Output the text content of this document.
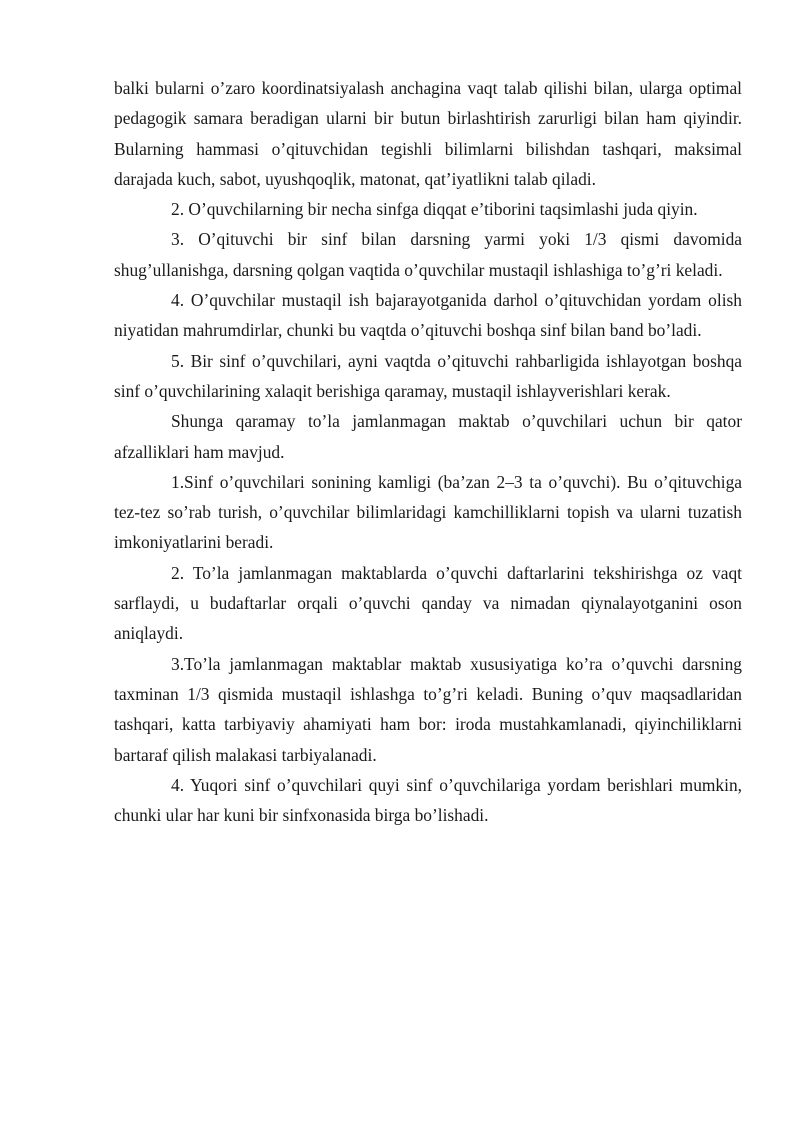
balki bularni o’zaro koordinatsiyalash anchagina vaqt talab qilishi bilan, ularga optimal pedagogik samara beradigan ularni bir butun birlashtirish zarurligi bilan ham qiyindir. Bularning hammasi o’qituvchidan tegishli bilimlarni bilishdan tashqari, maksimal darajada kuch, sabot, uyushqoqlik, matonat, qat’iyatlikni talab qiladi.

2. O’quvchilarning bir necha sinfga diqqat e’tiborini taqsimlashi juda qiyin.

3. O’qituvchi bir sinf bilan darsning yarmi yoki 1/3 qismi davomida shug’ullanishga, darsning qolgan vaqtida o’quvchilar mustaqil ishlashiga to’g’ri keladi.

4. O’quvchilar mustaqil ish bajarayotganida darhol o’qituvchidan yordam olish niyatidan mahrumdirlar, chunki bu vaqtda o’qituvchi boshqa sinf bilan band bo’ladi.

5. Bir sinf o’quvchilari, ayni vaqtda o’qituvchi rahbarligida ishlayotgan boshqa sinf o’quvchilarining xalaqit berishiga qaramay, mustaqil ishlayverishlari kerak.

Shunga qaramay to’la jamlanmagan maktab o’quvchilari uchun bir qator afzalliklari ham mavjud.

1.Sinf o’quvchilari sonining kamligi (ba’zan 2–3 ta o’quvchi). Bu o’qituvchiga tez-tez so’rab turish, o’quvchilar bilimlaridagi kamchilliklarni topish va ularni tuzatish imkoniyatlarini beradi.

2. To’la jamlanmagan maktablarda o’quvchi daftarlarini tekshirishga oz vaqt sarflaydi, u budaftarlar orqali o’quvchi qanday va nimadan qiynalayotganini oson aniqlaydi.

3.To’la jamlanmagan maktablar maktab xususiyatiga ko’ra o’quvchi darsning taxminan 1/3 qismida mustaqil ishlashga to’g’ri keladi. Buning o’quv maqsadlaridan tashqari, katta tarbiyaviy ahamiyati ham bor: iroda mustahkamlanadi, qiyinchiliklarni bartaraf qilish malakasi tarbiyalanadi.

4. Yuqori sinf o’quvchilari quyi sinf o’quvchilariga yordam berishlari mumkin, chunki ular har kuni bir sinfxonasida birga bo’lishadi.
